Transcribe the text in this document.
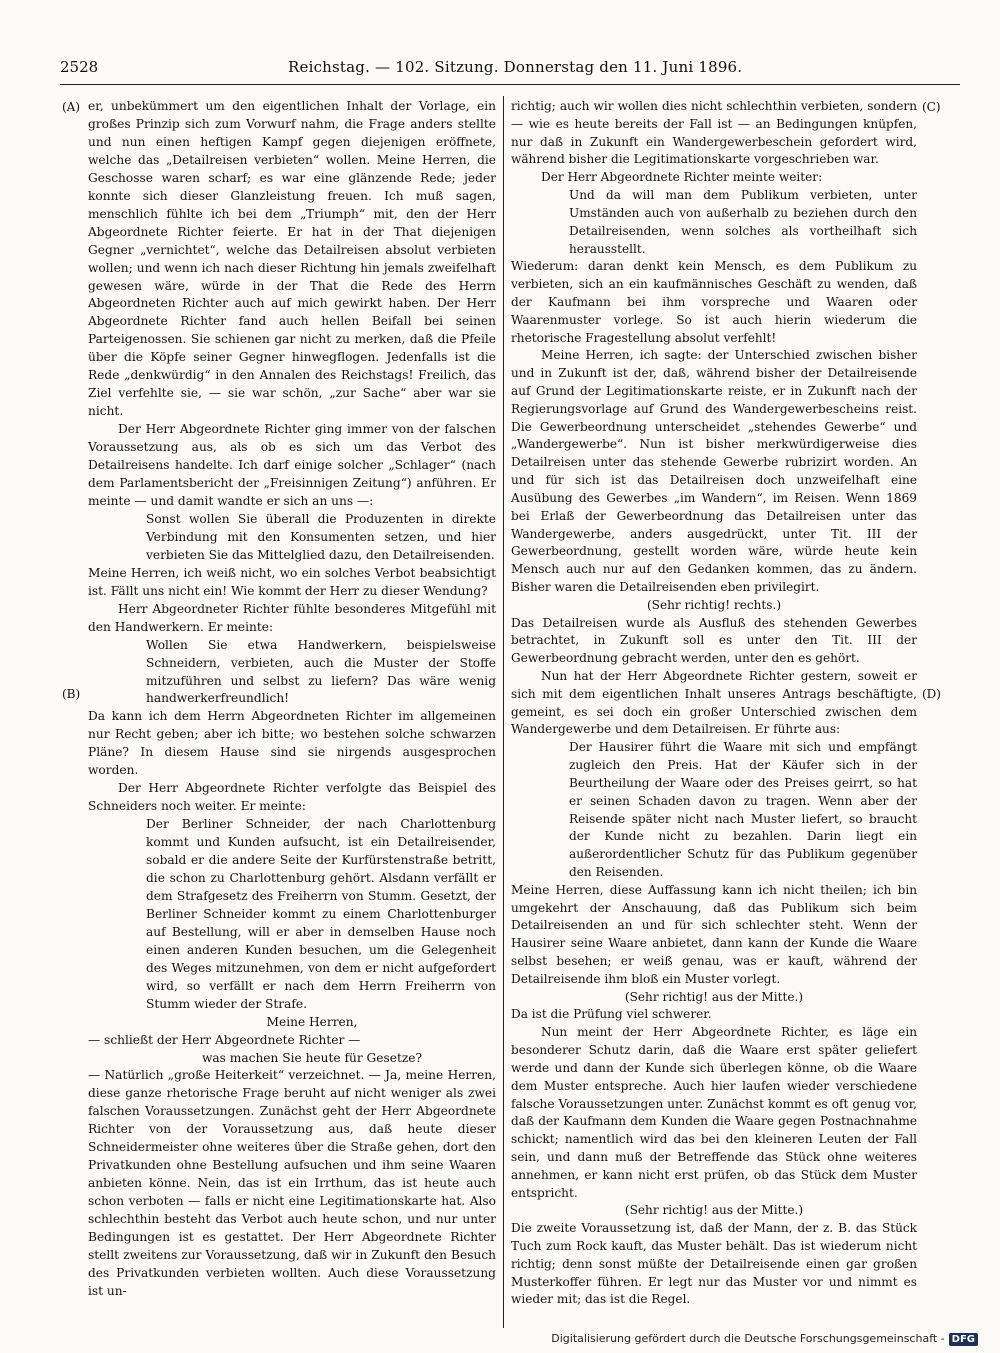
2528	Reichstag. — 102. Sitzung. Donnerstag den 11. Juni 1896.
(A)
(B)
(C)
(D)

er, unbekümmert um den eigentlichen Inhalt der Vorlage, ein großes Prinzip sich zum Vorwurf nahm, die Frage anders stellte und nun einen heftigen Kampf gegen diejenigen eröffnete, welche das „Detailreisen verbieten“ wollen. Meine Herren, die Geschosse waren scharf; es war eine glänzende Rede; jeder konnte sich dieser Glanzleistung freuen. Ich muß sagen, menschlich fühlte ich bei dem „Triumph“ mit, den der Herr Abgeordnete Richter feierte. Er hat in der That diejenigen Gegner „vernichtet“, welche das Detailreisen absolut verbieten wollen; und wenn ich nach dieser Richtung hin jemals zweifelhaft gewesen wäre, würde in der That die Rede des Herrn Abgeordneten Richter auch auf mich gewirkt haben. Der Herr Abgeordnete Richter fand auch hellen Beifall bei seinen Parteigenossen. Sie schienen gar nicht zu merken, daß die Pfeile über die Köpfe seiner Gegner hinwegflogen. Jedenfalls ist die Rede „denkwürdig“ in den Annalen des Reichstags! Freilich, das Ziel verfehlte sie, — sie war schön, „zur Sache“ aber war sie nicht.

Der Herr Abgeordnete Richter ging immer von der falschen Voraussetzung aus, als ob es sich um das Verbot des Detailreisens handelte. Ich darf einige solcher „Schlager“ (nach dem Parlamentsbericht der „Freisinnigen Zeitung“) anführen. Er meinte — und damit wandte er sich an uns —:

Sonst wollen Sie überall die Produzenten in direkte Verbindung mit den Konsumenten setzen, und hier verbieten Sie das Mittelglied dazu, den Detailreisenden.

Meine Herren, ich weiß nicht, wo ein solches Verbot beabsichtigt ist. Fällt uns nicht ein! Wie kommt der Herr zu dieser Wendung?

Herr Abgeordneter Richter fühlte besonderes Mitgefühl mit den Handwerkern. Er meinte:

Wollen Sie etwa Handwerkern, beispielsweise Schneidern, verbieten, auch die Muster der Stoffe mitzuführen und selbst zu liefern? Das wäre wenig handwerkerfreundlich!

Da kann ich dem Herrn Abgeordneten Richter im allgemeinen nur Recht geben; aber ich bitte; wo bestehen solche schwarzen Pläne? In diesem Hause sind sie nirgends ausgesprochen worden.

Der Herr Abgeordnete Richter verfolgte das Beispiel des Schneiders noch weiter. Er meinte:

Der Berliner Schneider, der nach Charlottenburg kommt und Kunden aufsucht, ist ein Detailreisender, sobald er die andere Seite der Kurfürstenstraße betritt, die schon zu Charlottenburg gehört. Alsdann verfällt er dem Strafgesetz des Freiherrn von Stumm. Gesetzt, der Berliner Schneider kommt zu einem Charlottenburger auf Bestellung, will er aber in demselben Hause noch einen anderen Kunden besuchen, um die Gelegenheit des Weges mitzunehmen, von dem er nicht aufgefordert wird, so verfällt er nach dem Herrn Freiherrn von Stumm wieder der Strafe.

Meine Herren,

— schließt der Herr Abgeordnete Richter —

was machen Sie heute für Gesetze?

— Natürlich „große Heiterkeit“ verzeichnet. — Ja, meine Herren, diese ganze rhetorische Frage beruht auf nicht weniger als zwei falschen Voraussetzungen. Zunächst geht der Herr Abgeordnete Richter von der Voraussetzung aus, daß heute dieser Schneidermeister ohne weiteres über die Straße gehen, dort den Privatkunden ohne Bestellung aufsuchen und ihm seine Waaren anbieten könne. Nein, das ist ein Irrthum, das ist heute auch schon verboten — falls er nicht eine Legitimationskarte hat. Also schlechthin besteht das Verbot auch heute schon, und nur unter Bedingungen ist es gestattet. Der Herr Abgeordnete Richter stellt zweitens zur Voraussetzung, daß wir in Zukunft den Besuch des Privatkunden verbieten wollten. Auch diese Voraussetzung ist un-

richtig; auch wir wollen dies nicht schlechthin verbieten, sondern — wie es heute bereits der Fall ist — an Bedingungen knüpfen, nur daß in Zukunft ein Wandergewerbeschein gefordert wird, während bisher die Legitimationskarte vorgeschrieben war.

Der Herr Abgeordnete Richter meinte weiter:

Und da will man dem Publikum verbieten, unter Umständen auch von außerhalb zu beziehen durch den Detailreisenden, wenn solches als vortheilhaft sich herausstellt.

Wiederum: daran denkt kein Mensch, es dem Publikum zu verbieten, sich an ein kaufmännisches Geschäft zu wenden, daß der Kaufmann bei ihm vorspreche und Waaren oder Waarenmuster vorlege. So ist auch hierin wiederum die rhetorische Fragestellung absolut verfehlt!

Meine Herren, ich sagte: der Unterschied zwischen bisher und in Zukunft ist der, daß, während bisher der Detailreisende auf Grund der Legitimationskarte reiste, er in Zukunft nach der Regierungsvorlage auf Grund des Wandergewerbescheins reist. Die Gewerbeordnung unterscheidet „stehendes Gewerbe“ und „Wandergewerbe“. Nun ist bisher merkwürdigerweise dies Detailreisen unter das stehende Gewerbe rubrizirt worden. An und für sich ist das Detailreisen doch unzweifelhaft eine Ausübung des Gewerbes „im Wandern“, im Reisen. Wenn 1869 bei Erlaß der Gewerbeordnung das Detailreisen unter das Wandergewerbe, anders ausgedrückt, unter Tit. III der Gewerbeordnung, gestellt worden wäre, würde heute kein Mensch auch nur auf den Gedanken kommen, das zu ändern. Bisher waren die Detailreisenden eben privilegirt.

(Sehr richtig! rechts.)

Das Detailreisen wurde als Ausfluß des stehenden Gewerbes betrachtet, in Zukunft soll es unter den Tit. III der Gewerbeordnung gebracht werden, unter den es gehört.

Nun hat der Herr Abgeordnete Richter gestern, soweit er sich mit dem eigentlichen Inhalt unseres Antrags beschäftigte, gemeint, es sei doch ein großer Unterschied zwischen dem Wandergewerbe und dem Detailreisen. Er führte aus:

Der Hausirer führt die Waare mit sich und empfängt zugleich den Preis. Hat der Käufer sich in der Beurtheilung der Waare oder des Preises geirrt, so hat er seinen Schaden davon zu tragen. Wenn aber der Reisende später nicht nach Muster liefert, so braucht der Kunde nicht zu bezahlen. Darin liegt ein außerordentlicher Schutz für das Publikum gegenüber den Reisenden.

Meine Herren, diese Auffassung kann ich nicht theilen; ich bin umgekehrt der Anschauung, daß das Publikum sich beim Detailreisenden an und für sich schlechter steht. Wenn der Hausirer seine Waare anbietet, dann kann der Kunde die Waare selbst besehen; er weiß genau, was er kauft, während der Detailreisende ihm bloß ein Muster vorlegt.

(Sehr richtig! aus der Mitte.)

Da ist die Prüfung viel schwerer.

Nun meint der Herr Abgeordnete Richter, es läge ein besonderer Schutz darin, daß die Waare erst später geliefert werde und dann der Kunde sich überlegen könne, ob die Waare dem Muster entspreche. Auch hier laufen wieder verschiedene falsche Voraussetzungen unter. Zunächst kommt es oft genug vor, daß der Kaufmann dem Kunden die Waare gegen Postnachnahme schickt; namentlich wird das bei den kleineren Leuten der Fall sein, und dann muß der Betreffende das Stück ohne weiteres annehmen, er kann nicht erst prüfen, ob das Stück dem Muster entspricht.

(Sehr richtig! aus der Mitte.)

Die zweite Voraussetzung ist, daß der Mann, der z. B. das Stück Tuch zum Rock kauft, das Muster behält. Das ist wiederum nicht richtig; denn sonst müßte der Detailreisende einen gar großen Musterkoffer führen. Er legt nur das Muster vor und nimmt es wieder mit; das ist die Regel.

Digitalisierung gefördert durch die Deutsche Forschungsgemeinschaft - DFG
